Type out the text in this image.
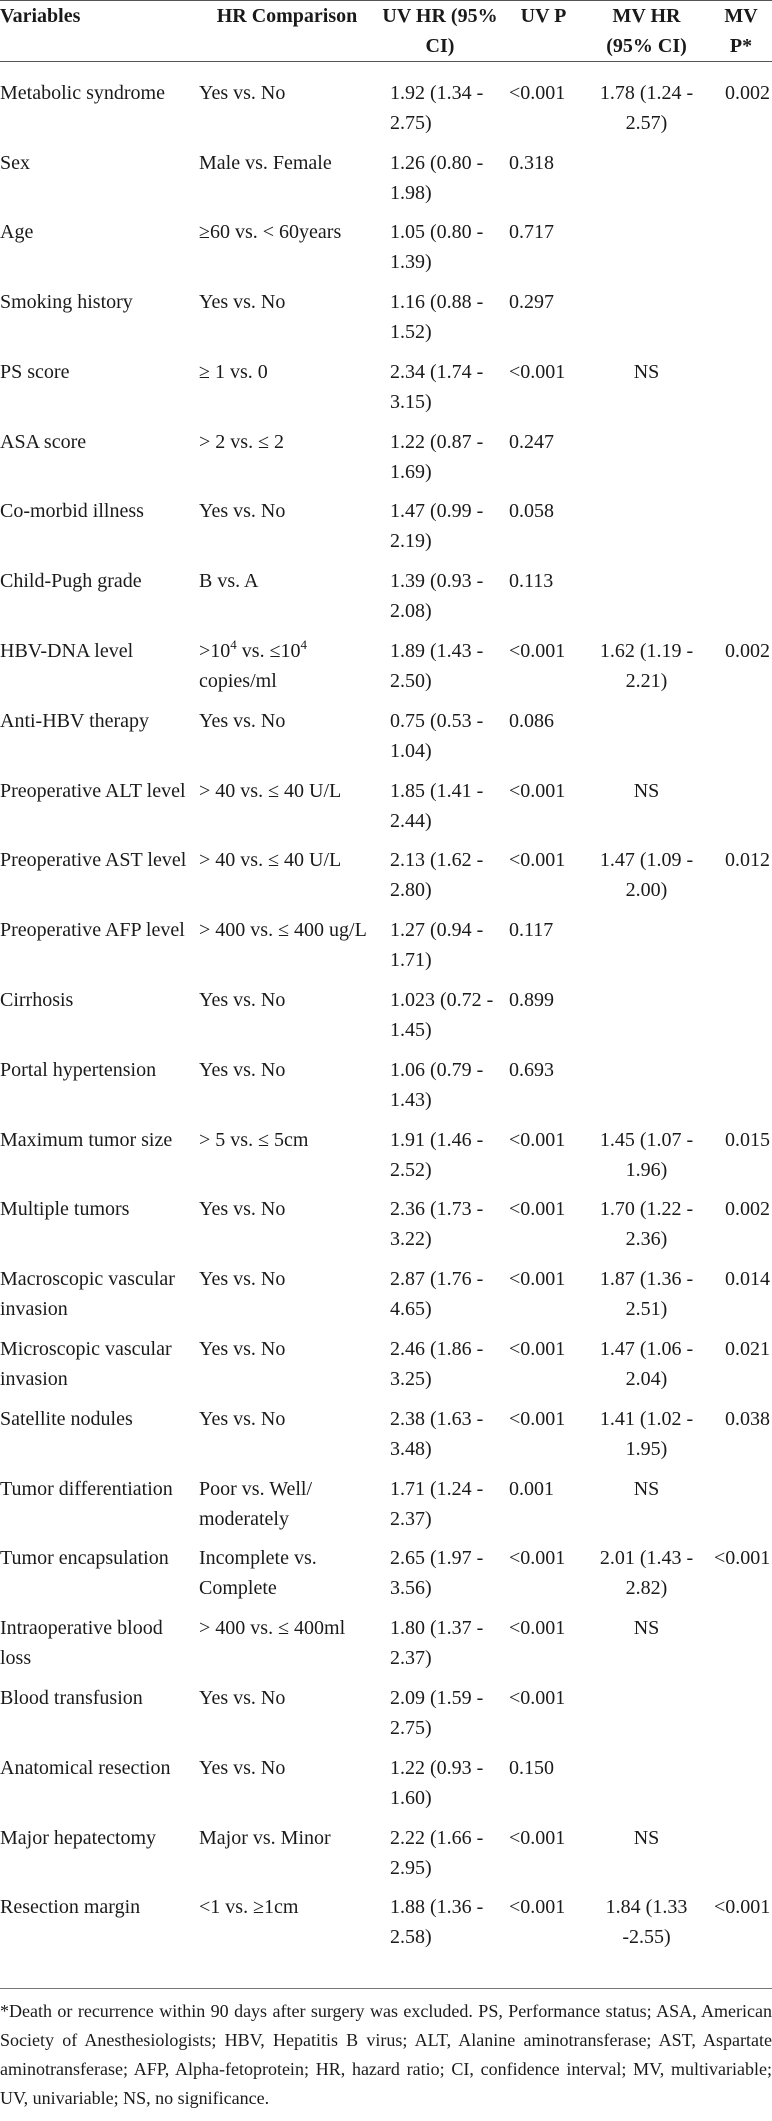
Variables	HR Comparison	UV HR (95% CI)	UV P	MV HR (95% CI)	MV P*
Metabolic syndrome	Yes vs. No	1.92 (1.34 - 2.75)	<0.001	1.78 (1.24 - 2.57)	0.002
Sex	Male vs. Female	1.26 (0.80 - 1.98)	0.318		
Age	≥60 vs. < 60years	1.05 (0.80 - 1.39)	0.717		
Smoking history	Yes vs. No	1.16 (0.88 - 1.52)	0.297		
PS score	≥ 1 vs. 0	2.34 (1.74 - 3.15)	<0.001	NS	
ASA score	> 2 vs. ≤ 2	1.22 (0.87 - 1.69)	0.247		
Co-morbid illness	Yes vs. No	1.47 (0.99 - 2.19)	0.058		
Child-Pugh grade	B vs. A	1.39 (0.93 - 2.08)	0.113		
HBV-DNA level	$>10^4$ vs. $\le 10^4$ copies/ml	1.89 (1.43 - 2.50)	<0.001	1.62 (1.19 - 2.21)	0.002
Anti-HBV therapy	Yes vs. No	0.75 (0.53 - 1.04)	0.086		
Preoperative ALT level	> 40 vs. ≤ 40 U/L	1.85 (1.41 - 2.44)	<0.001	NS	
Preoperative AST level	> 40 vs. ≤ 40 U/L	2.13 (1.62 - 2.80)	<0.001	1.47 (1.09 - 2.00)	0.012
Preoperative AFP level	> 400 vs. ≤ 400 ug/L	1.27 (0.94 - 1.71)	0.117		
Cirrhosis	Yes vs. No	1.023 (0.72 - 1.45)	0.899		
Portal hypertension	Yes vs. No	1.06 (0.79 - 1.43)	0.693		
Maximum tumor size	> 5 vs. ≤ 5cm	1.91 (1.46 - 2.52)	<0.001	1.45 (1.07 - 1.96)	0.015
Multiple tumors	Yes vs. No	2.36 (1.73 - 3.22)	<0.001	1.70 (1.22 - 2.36)	0.002
Macroscopic vascular invasion	Yes vs. No	2.87 (1.76 - 4.65)	<0.001	1.87 (1.36 - 2.51)	0.014
Microscopic vascular invasion	Yes vs. No	2.46 (1.86 - 3.25)	<0.001	1.47 (1.06 - 2.04)	0.021
Satellite nodules	Yes vs. No	2.38 (1.63 - 3.48)	<0.001	1.41 (1.02 - 1.95)	0.038
Tumor differentiation	Poor vs. Well/ moderately	1.71 (1.24 - 2.37)	0.001	NS	
Tumor encapsulation	Incomplete vs. Complete	2.65 (1.97 - 3.56)	<0.001	2.01 (1.43 - 2.82)	<0.001
Intraoperative blood loss	> 400 vs. ≤ 400ml	1.80 (1.37 - 2.37)	<0.001	NS	
Blood transfusion	Yes vs. No	2.09 (1.59 - 2.75)	<0.001		
Anatomical resection	Yes vs. No	1.22 (0.93 - 1.60)	0.150		
Major hepatectomy	Major vs. Minor	2.22 (1.66 - 2.95)	<0.001	NS	
Resection margin	<1 vs. ≥1cm	1.88 (1.36 - 2.58)	<0.001	1.84 (1.33 -2.55)	<0.001
*Death or recurrence within 90 days after surgery was excluded. PS, Performance status; ASA, American Society of Anesthesiologists; HBV, Hepatitis B virus; ALT, Alanine aminotransferase; AST, Aspartate aminotransferase; AFP, Alpha-fetoprotein; HR, hazard ratio; CI, confidence interval; MV, multivariable; UV, univariable; NS, no significance.
